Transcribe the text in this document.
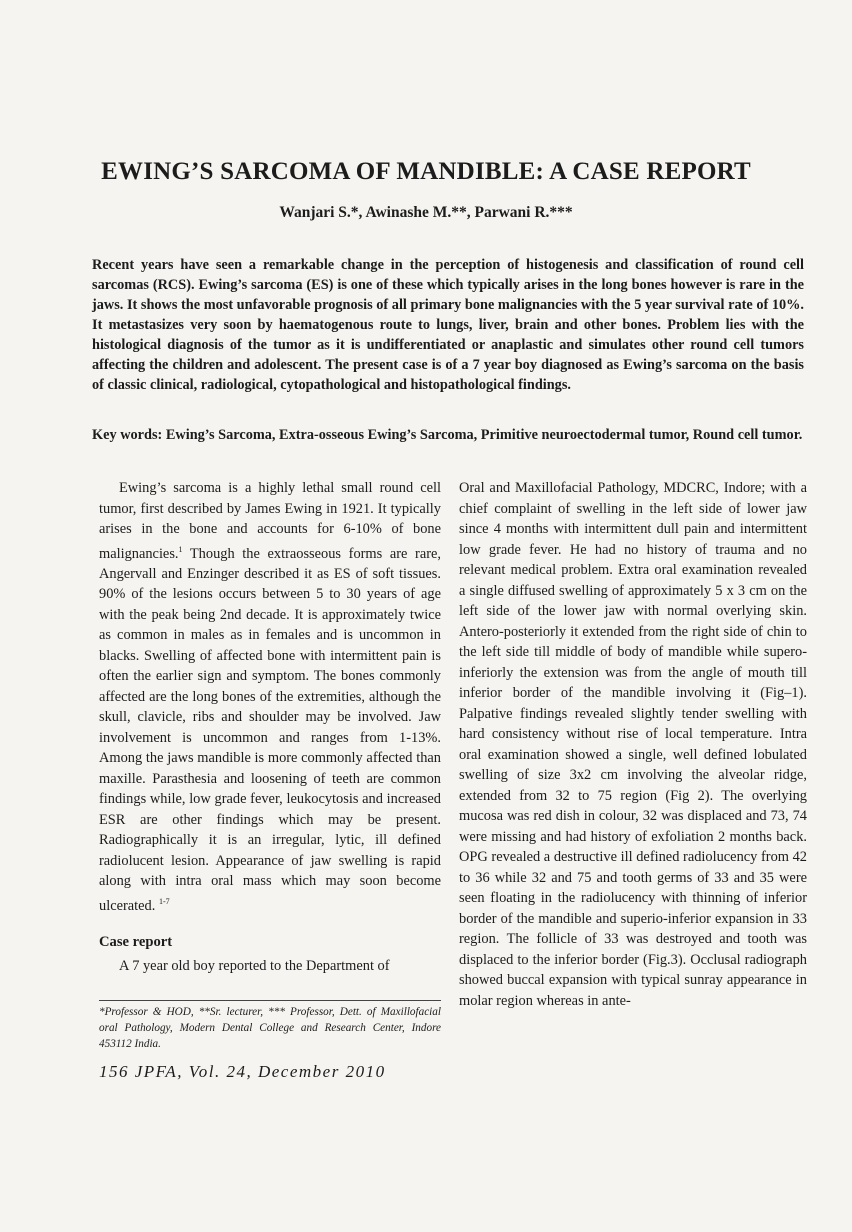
EWING’S SARCOMA OF MANDIBLE: A CASE REPORT
Wanjari S.*, Awinashe M.**, Parwani R.***
Recent years have seen a remarkable change in the perception of histogenesis and classification of round cell sarcomas (RCS). Ewing’s sarcoma (ES) is one of these which typically arises in the long bones however is rare in the jaws. It shows the most unfavorable prognosis of all primary bone malignancies with the 5 year survival rate of 10%. It metastasizes very soon by haematogenous route to lungs, liver, brain and other bones. Problem lies with the histological diagnosis of the tumor as it is undifferentiated or anaplastic and simulates other round cell tumors affecting the children and adolescent. The present case is of a 7 year boy diagnosed as Ewing’s sarcoma on the basis of classic clinical, radiological, cytopathological and histopathological findings.
Key words: Ewing’s Sarcoma, Extra-osseous Ewing’s Sarcoma, Primitive neuroectodermal tumor, Round cell tumor.

Ewing’s sarcoma is a highly lethal small round cell tumor, first described by James Ewing in 1921. It typically arises in the bone and accounts for 6-10% of bone malignancies.$^1$ Though the extraosseous forms are rare, Angervall and Enzinger described it as ES of soft tissues. 90% of the lesions occurs between 5 to 30 years of age with the peak being 2nd decade. It is approximately twice as common in males as in females and is uncommon in blacks. Swelling of affected bone with intermittent pain is often the earlier sign and symptom. The bones commonly affected are the long bones of the extremities, although the skull, clavicle, ribs and shoulder may be involved. Jaw involvement is uncommon and ranges from 1-13%. Among the jaws mandible is more commonly affected than maxille. Parasthesia and loosening of teeth are common findings while, low grade fever, leukocytosis and increased ESR are other findings which may be present. Radiographically it is an irregular, lytic, ill defined radiolucent lesion. Appearance of jaw swelling is rapid along with intra oral mass which may soon become ulcerated. $^{1-7}$

Case report

A 7 year old boy reported to the Department of

Oral and Maxillofacial Pathology, MDCRC, Indore; with a chief complaint of swelling in the left side of lower jaw since 4 months with intermittent dull pain and intermittent low grade fever. He had no history of trauma and no relevant medical problem. Extra oral examination revealed a single diffused swelling of approximately 5 x 3 cm on the left side of the lower jaw with normal overlying skin. Antero-posteriorly it extended from the right side of chin to the left side till middle of body of mandible while supero- inferiorly the extension was from the angle of mouth till inferior border of the mandible involving it (Fig–1). Palpative findings revealed slightly tender swelling with hard consistency without rise of local temperature. Intra oral examination showed a single, well defined lobulated swelling of size 3x2 cm involving the alveolar ridge, extended from 32 to 75 region (Fig 2). The overlying mucosa was red dish in colour, 32 was displaced and 73, 74 were missing and had history of exfoliation 2 months back. OPG revealed a destructive ill defined radiolucency from 42 to 36 while 32 and 75 and tooth germs of 33 and 35 were seen floating in the radiolucency with thinning of inferior border of the mandible and superio-inferior expansion in 33 region. The follicle of 33 was destroyed and tooth was displaced to the inferior border (Fig.3). Occlusal radiograph showed buccal expansion with typical sunray appearance in molar region whereas in ante-

*Professor & HOD, **Sr. lecturer, *** Professor, Dett. of Maxillofacial oral Pathology, Modern Dental College and Research Center, Indore 453112 India.
156 JPFA, Vol. 24, December 2010
